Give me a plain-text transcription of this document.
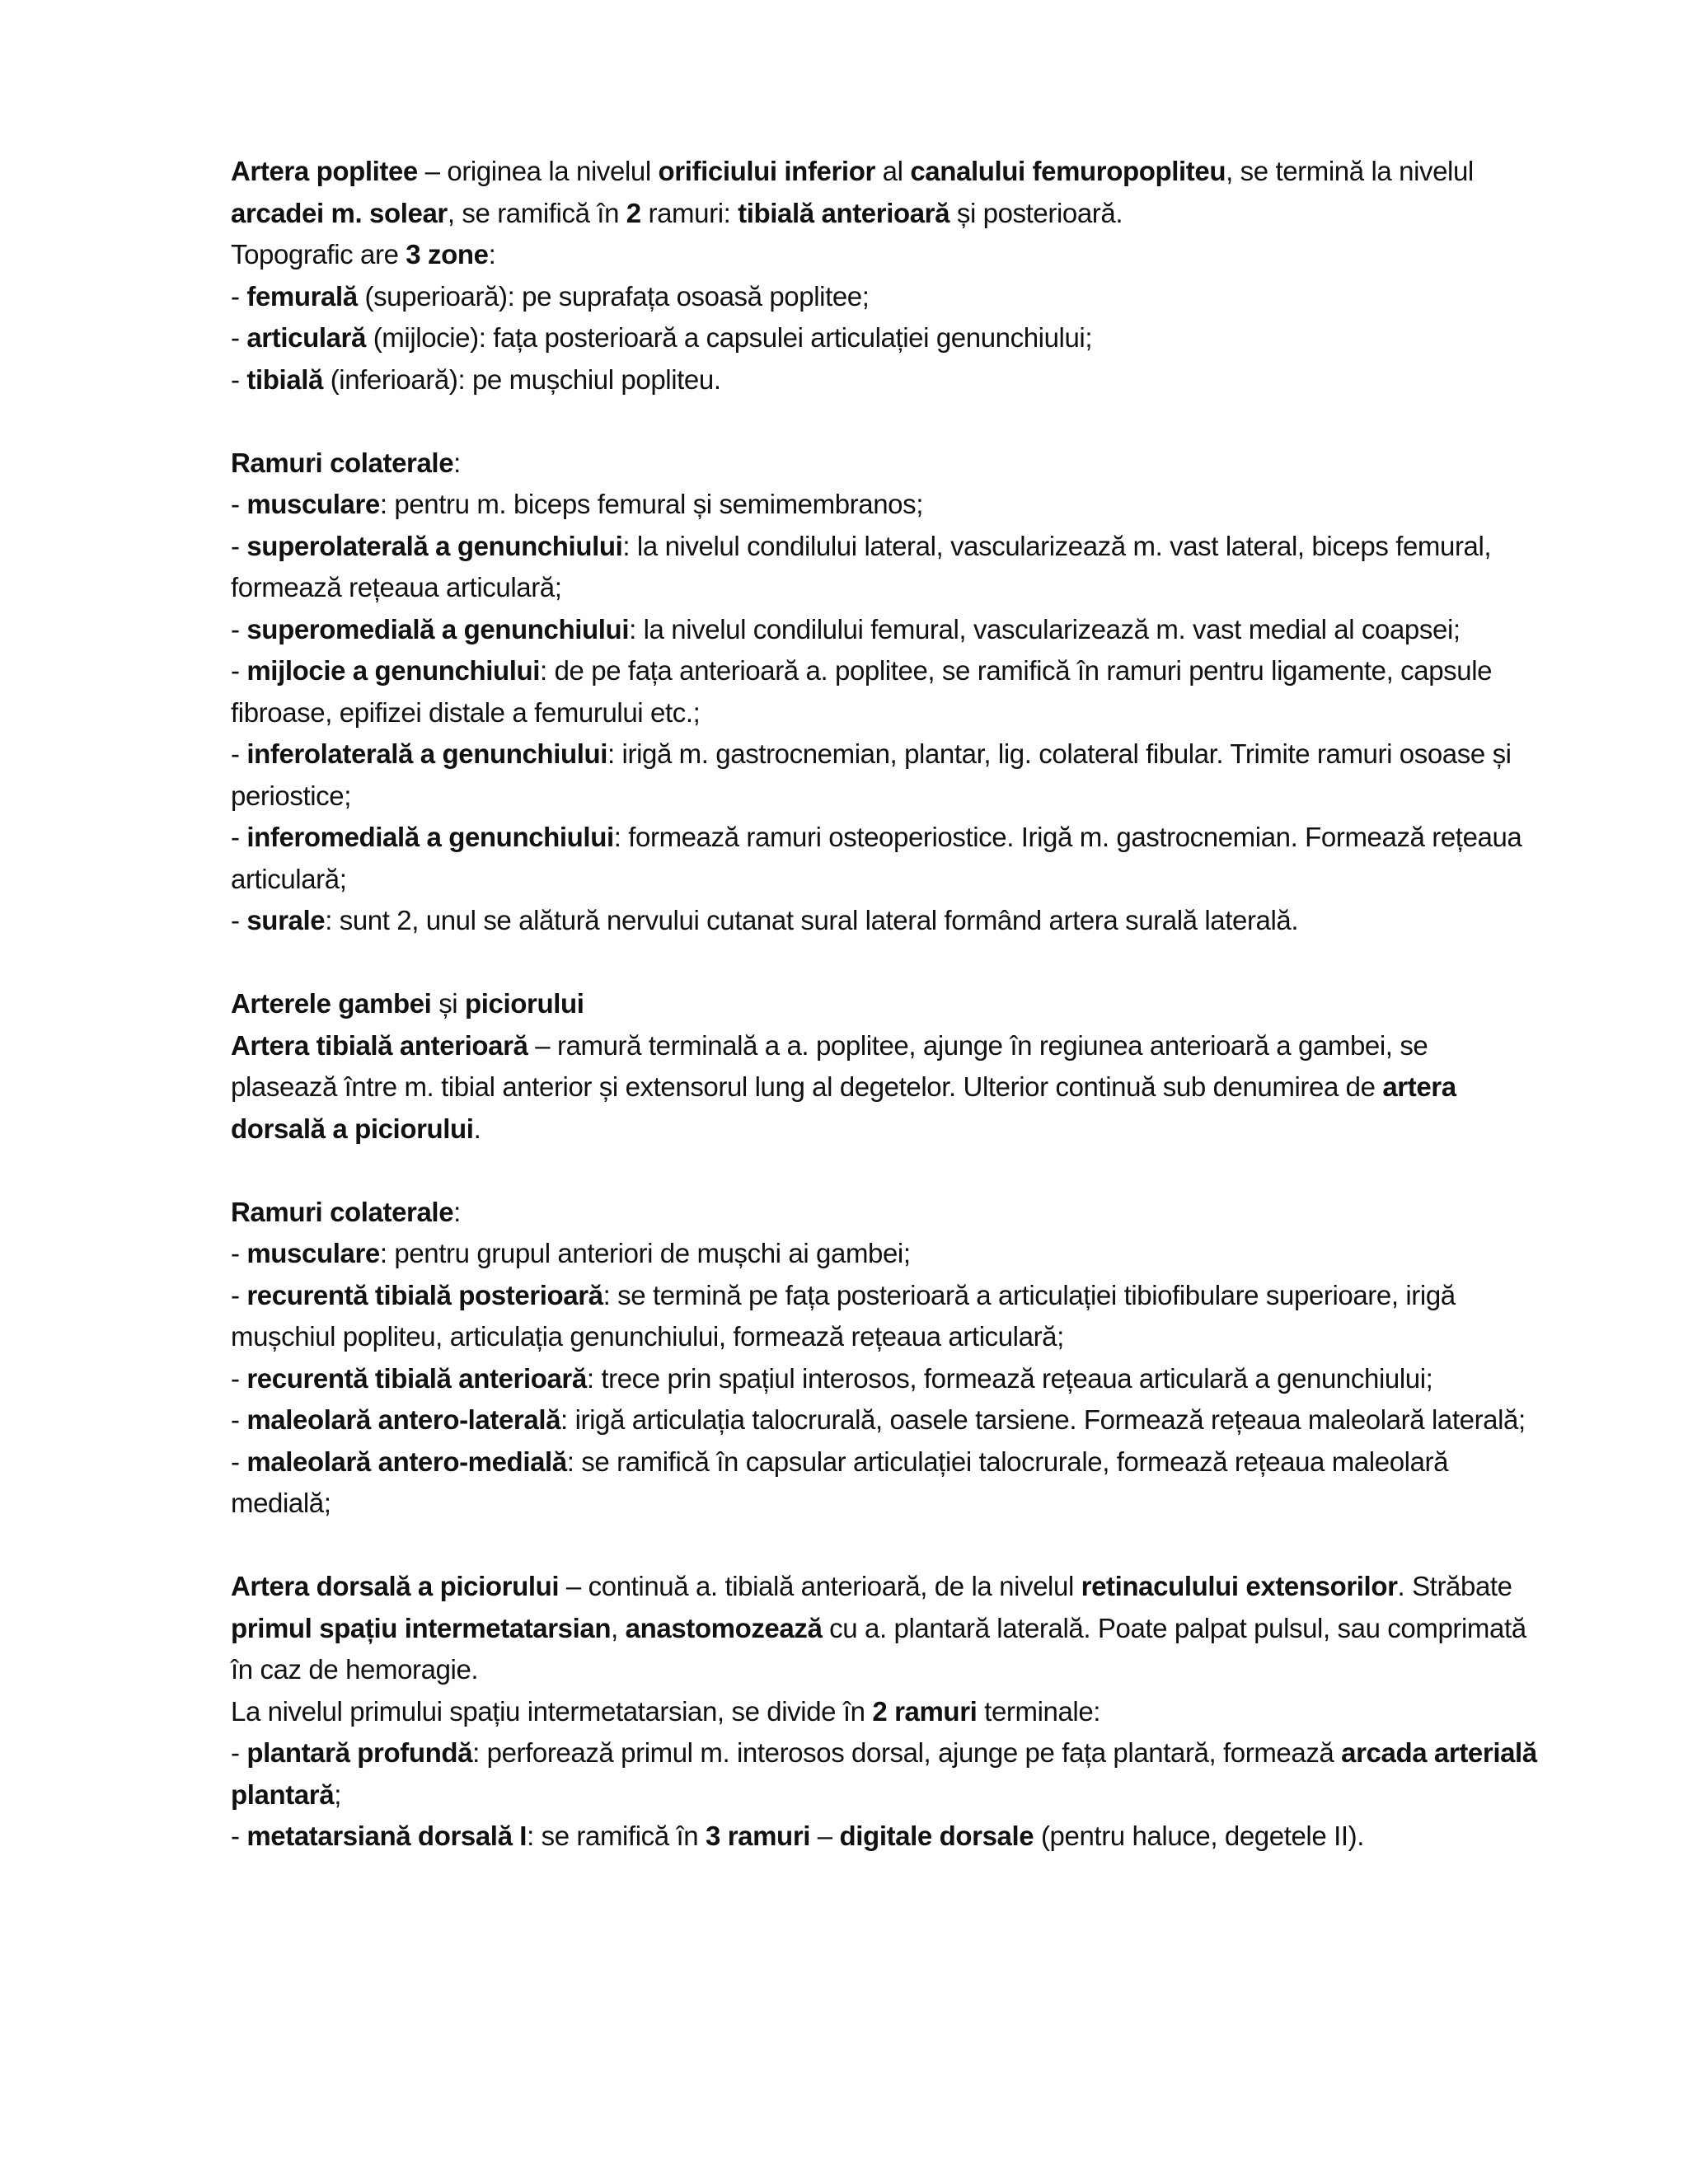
Artera poplitee – originea la nivelul orificiului inferior al canalului femuropopliteu, se termină la nivelul arcadei m. solear, se ramifică în 2 ramuri: tibială anterioară și posterioară.
Topografic are 3 zone:
- femurală (superioară): pe suprafața osoasă poplitee;
- articulară (mijlocie): fața posterioară a capsulei articulației genunchiului;
- tibială (inferioară): pe mușchiul popliteu.
Ramuri colaterale:
- musculare: pentru m. biceps femural și semimembranos;
- superolaterală a genunchiului: la nivelul condilului lateral, vascularizează m. vast lateral, biceps femural, formează rețeaua articulară;
- superomedială a genunchiului: la nivelul condilului femural, vascularizează m. vast medial al coapsei;
- mijlocie a genunchiului: de pe fața anterioară a. poplitee, se ramifică în ramuri pentru ligamente, capsule fibroase, epifizei distale a femurului etc.;
- inferolaterală a genunchiului: irigă m. gastrocnemian, plantar, lig. colateral fibular. Trimite ramuri osoase și periostice;
- inferomedială a genunchiului: formează ramuri osteoperiostice. Irigă m. gastrocnemian. Formează rețeaua articulară;
- surale: sunt 2, unul se alătură nervului cutanat sural lateral formând artera surală laterală.
Arterele gambei și piciorului
Artera tibială anterioară – ramură terminală a a. poplitee, ajunge în regiunea anterioară a gambei, se plasează între m. tibial anterior și extensorul lung al degetelor. Ulterior continuă sub denumirea de artera dorsală a piciorului.
Ramuri colaterale:
- musculare: pentru grupul anteriori de mușchi ai gambei;
- recurentă tibială posterioară: se termină pe fața posterioară a articulației tibiofibulare superioare, irigă mușchiul popliteu, articulația genunchiului, formează rețeaua articulară;
- recurentă tibială anterioară: trece prin spațiul interosos, formează rețeaua articulară a genunchiului;
- maleolară antero-laterală: irigă articulația talocrurală, oasele tarsiene. Formează rețeaua maleolară laterală;
- maleolară antero-medială: se ramifică în capsular articulației talocrurale, formează rețeaua maleolară medială;
Artera dorsală a piciorului – continuă a. tibială anterioară, de la nivelul retinaculului extensorilor. Străbate primul spațiu intermetatarsian, anastomozează cu a. plantară laterală. Poate palpat pulsul, sau comprimată în caz de hemoragie.
La nivelul primului spațiu intermetatarsian, se divide în 2 ramuri terminale:
- plantară profundă: perforează primul m. interosos dorsal, ajunge pe fața plantară, formează arcada arterială plantară;
- metatarsiană dorsală I: se ramifică în 3 ramuri – digitale dorsale (pentru haluce, degetele II).
